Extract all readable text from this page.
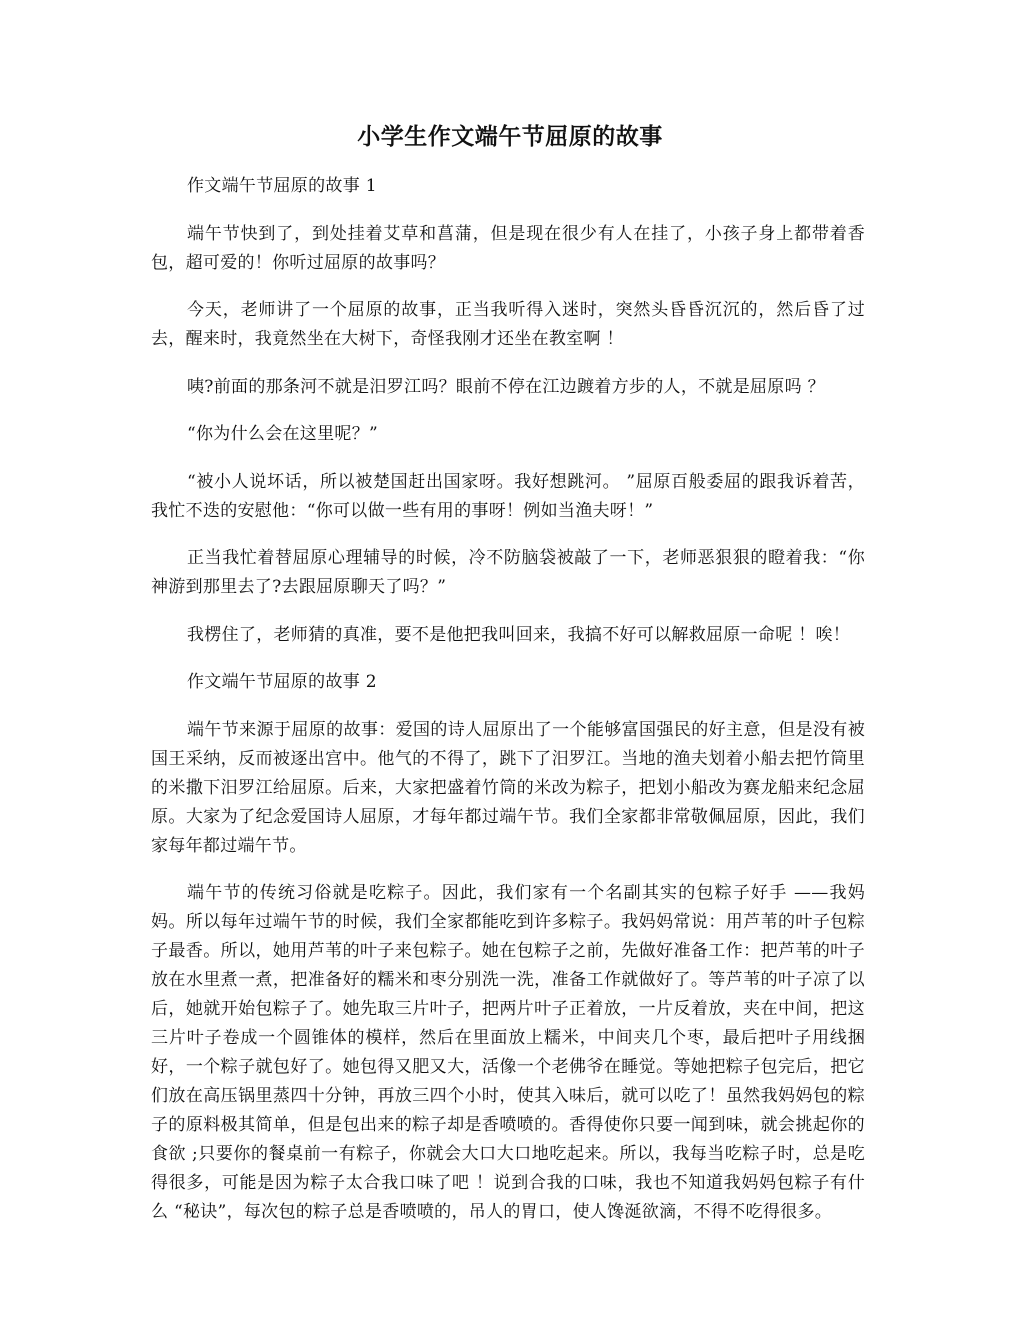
小学生作文端午节屈原的故事

作文端午节屈原的故事 1

端午节快到了，到处挂着艾草和菖蒲，但是现在很少有人在挂了，小孩子身上都带着香包，超可爱的！你听过屈原的故事吗？

今天，老师讲了一个屈原的故事，正当我听得入迷时，突然头昏昏沉沉的，然后昏了过去，醒来时，我竟然坐在大树下，奇怪我刚才还坐在教室啊 ！

咦?前面的那条河不就是汨罗江吗？眼前不停在江边踱着方步的人，不就是屈原吗 ？

“你为什么会在这里呢？”

“被小人说坏话，所以被楚国赶出国家呀。我好想跳河。 ”屈原百般委屈的跟我诉着苦，我忙不迭的安慰他：“你可以做一些有用的事呀！例如当渔夫呀！”

正当我忙着替屈原心理辅导的时候，冷不防脑袋被敲了一下，老师恶狠狠的瞪着我：“你神游到那里去了?去跟屈原聊天了吗？”

我楞住了，老师猜的真准，要不是他把我叫回来，我搞不好可以解救屈原一命呢 ！唉！

作文端午节屈原的故事 2

端午节来源于屈原的故事：爱国的诗人屈原出了一个能够富国强民的好主意，但是没有被国王采纳，反而被逐出宫中。他气的不得了，跳下了汨罗江。当地的渔夫划着小船去把竹筒里的米撒下汨罗江给屈原。后来，大家把盛着竹筒的米改为粽子，把划小船改为赛龙船来纪念屈原。大家为了纪念爱国诗人屈原，才每年都过端午节。我们全家都非常敬佩屈原，因此，我们家每年都过端午节。

端午节的传统习俗就是吃粽子。因此，我们家有一个名副其实的包粽子好手 ——我妈妈。所以每年过端午节的时候，我们全家都能吃到许多粽子。我妈妈常说：用芦苇的叶子包粽子最香。所以，她用芦苇的叶子来包粽子。她在包粽子之前，先做好准备工作：把芦苇的叶子放在水里煮一煮，把准备好的糯米和枣分别洗一洗，准备工作就做好了。等芦苇的叶子凉了以后，她就开始包粽子了。她先取三片叶子，把两片叶子正着放，一片反着放，夹在中间，把这三片叶子卷成一个圆锥体的模样，然后在里面放上糯米，中间夹几个枣，最后把叶子用线捆好，一个粽子就包好了。她包得又肥又大，活像一个老佛爷在睡觉。等她把粽子包完后，把它们放在高压锅里蒸四十分钟，再放三四个小时，使其入味后，就可以吃了！虽然我妈妈包的粽子的原料极其简单，但是包出来的粽子却是香喷喷的。香得使你只要一闻到味，就会挑起你的食欲 ;只要你的餐桌前一有粽子，你就会大口大口地吃起来。所以，我每当吃粽子时，总是吃得很多，可能是因为粽子太合我口味了吧 ！说到合我的口味，我也不知道我妈妈包粽子有什么 “秘诀”，每次包的粽子总是香喷喷的，吊人的胃口，使人馋涎欲滴，不得不吃得很多。
